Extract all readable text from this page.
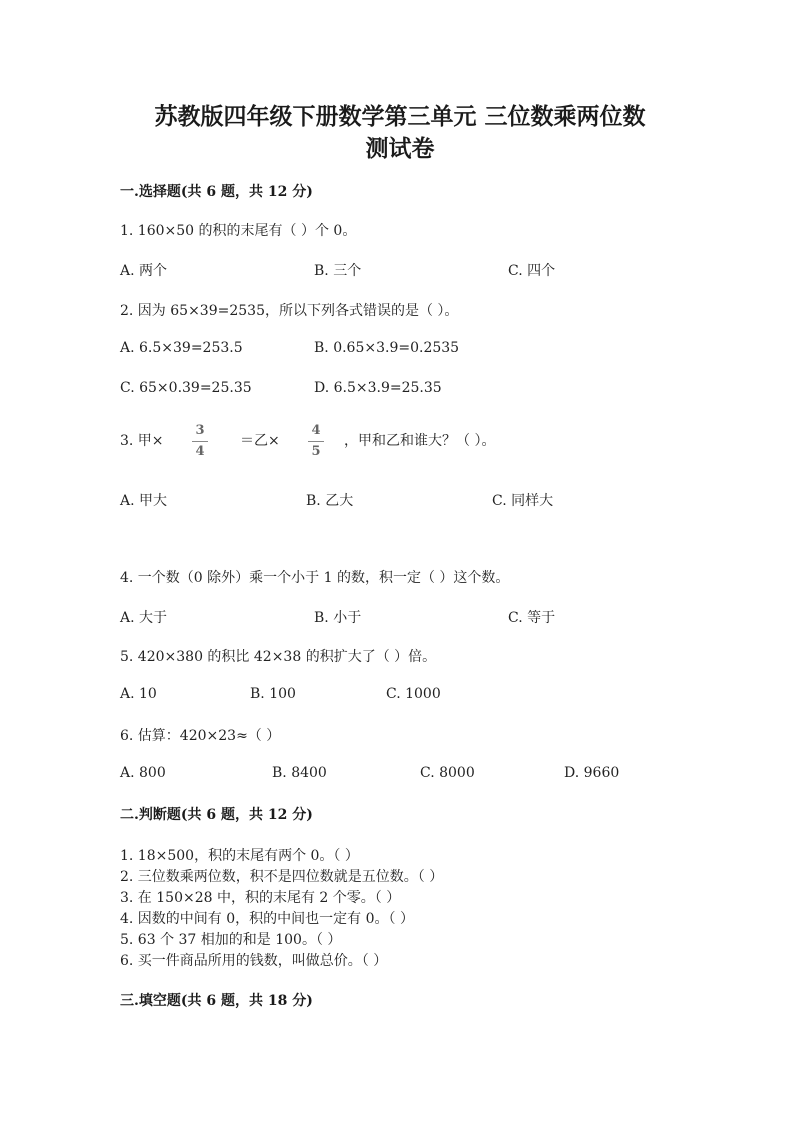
苏教版四年级下册数学第三单元 三位数乘两位数
测试卷
一.选择题(共 6 题，共 12 分)
1. 160×50 的积的末尾有（ ）个 0。
A. 两个	B. 三个	C. 四个
2. 因为 65×39=2535，所以下列各式错误的是（ ）。
A. 6.5×39=253.5	B. 0.65×3.9=0.2535
C. 65×0.39=25.35	D. 6.5×3.9=25.35
3. 甲×
3
4
＝乙×
4
5
，甲和乙和谁大？（ ）。
A. 甲大	B. 乙大	C. 同样大
4. 一个数（0 除外）乘一个小于 1 的数，积一定（ ）这个数。
A. 大于	B. 小于	C. 等于
5. 420×380 的积比 42×38 的积扩大了（ ）倍。
A. 10	B. 100	C. 1000
6. 估算：420×23≈（ ）
A. 800	B. 8400	C. 8000	D. 9660
二.判断题(共 6 题，共 12 分)
1. 18×500，积的末尾有两个 0。（ ）
2. 三位数乘两位数，积不是四位数就是五位数。（ ）
3. 在 150×28 中，积的末尾有 2 个零。（ ）
4. 因数的中间有 0，积的中间也一定有 0。（ ）
5. 63 个 37 相加的和是 100。（ ）
6. 买一件商品所用的钱数，叫做总价。（ ）
三.填空题(共 6 题，共 18 分)
